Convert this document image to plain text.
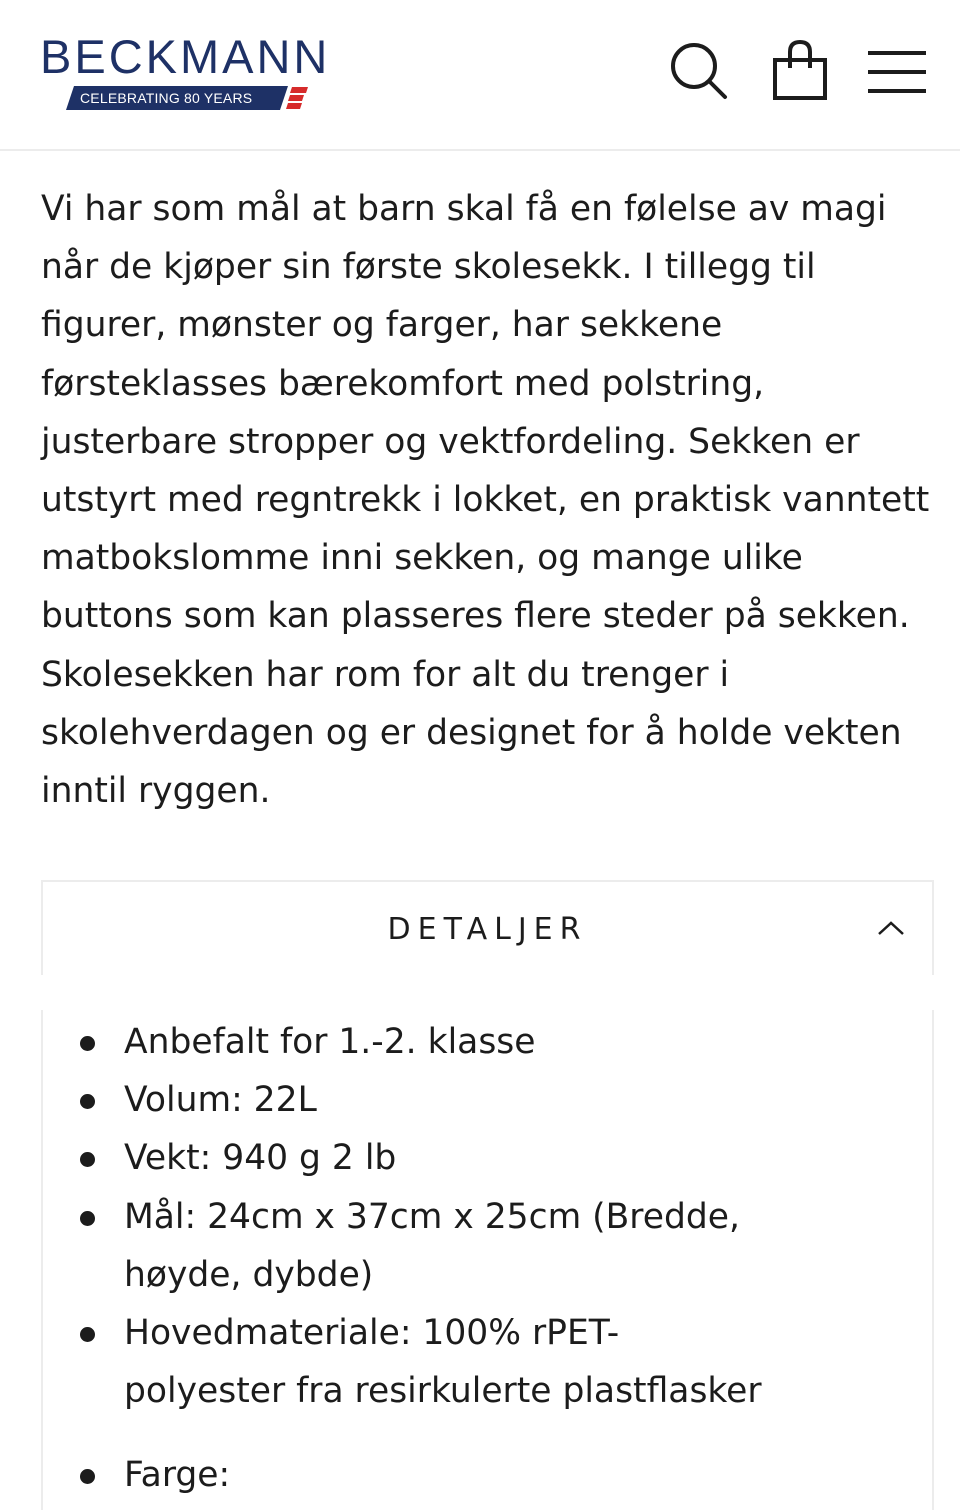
BECKMANN
CELEBRATING 80 YEARS

Vi har som mål at barn skal få en følelse av magi når de kjøper sin første skolesekk. I tillegg til figurer, mønster og farger, har sekkene førsteklasses bærekomfort med polstring, justerbare stropper og vektfordeling. Sekken er utstyrt med regntrekk i lokket, en praktisk vanntett matbokslomme inni sekken, og mange ulike buttons som kan plasseres flere steder på sekken. Skolesekken har rom for alt du trenger i skolehverdagen og er designet for å holde vekten inntil ryggen.

DETALJER
Anbefalt for 1.-2. klasse
Volum: 22L
Vekt: 940 g 2 lb
Mål: 24cm x 37cm x 25cm (Bredde, høyde, dybde)
Hovedmateriale: 100% rPET-polyester fra resirkulerte plastflasker
Farge:
